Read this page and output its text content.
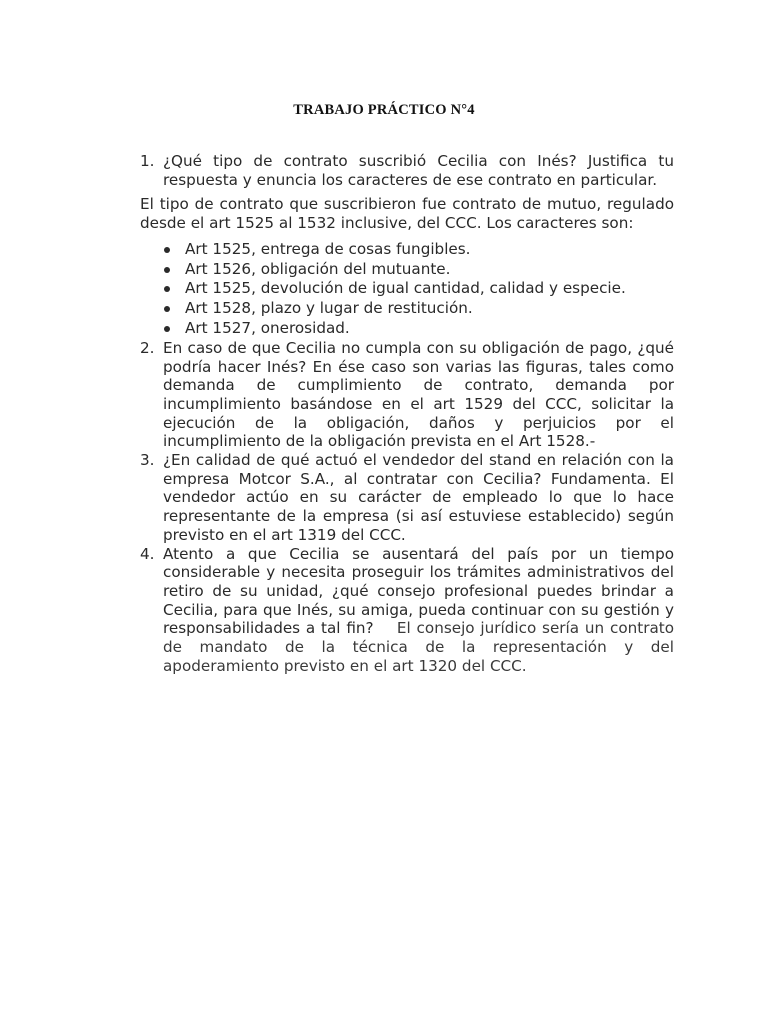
TRABAJO PRÁCTICO N°4
1. ¿Qué tipo de contrato suscribió Cecilia con Inés? Justifica tu respuesta y enuncia los caracteres de ese contrato en particular.
El tipo de contrato que suscribieron fue contrato de mutuo, regulado desde el art 1525 al 1532 inclusive, del CCC. Los caracteres son:
Art 1525, entrega de cosas fungibles.
Art 1526, obligación del mutuante.
Art 1525, devolución de igual cantidad, calidad y especie.
Art 1528, plazo y lugar de restitución.
Art 1527, onerosidad.
2. En caso de que Cecilia no cumpla con su obligación de pago, ¿qué podría hacer Inés? En ése caso son varias las figuras, tales como demanda de cumplimiento de contrato, demanda por incumplimiento basándose en el art 1529 del CCC, solicitar la ejecución de la obligación, daños y perjuicios por el incumplimiento de la obligación prevista en el Art 1528.-
3. ¿En calidad de qué actuó el vendedor del stand en relación con la empresa Motcor S.A., al contratar con Cecilia? Fundamenta. El vendedor actúo en su carácter de empleado lo que lo hace representante de la empresa (si así estuviese establecido) según previsto en el art 1319 del CCC.
4. Atento a que Cecilia se ausentará del país por un tiempo considerable y necesita proseguir los trámites administrativos del retiro de su unidad, ¿qué consejo profesional puedes brindar a Cecilia, para que Inés, su amiga, pueda continuar con su gestión y responsabilidades a tal fin? El consejo jurídico sería un contrato de mandato de la técnica de la representación y del apoderamiento previsto en el art 1320 del CCC.
